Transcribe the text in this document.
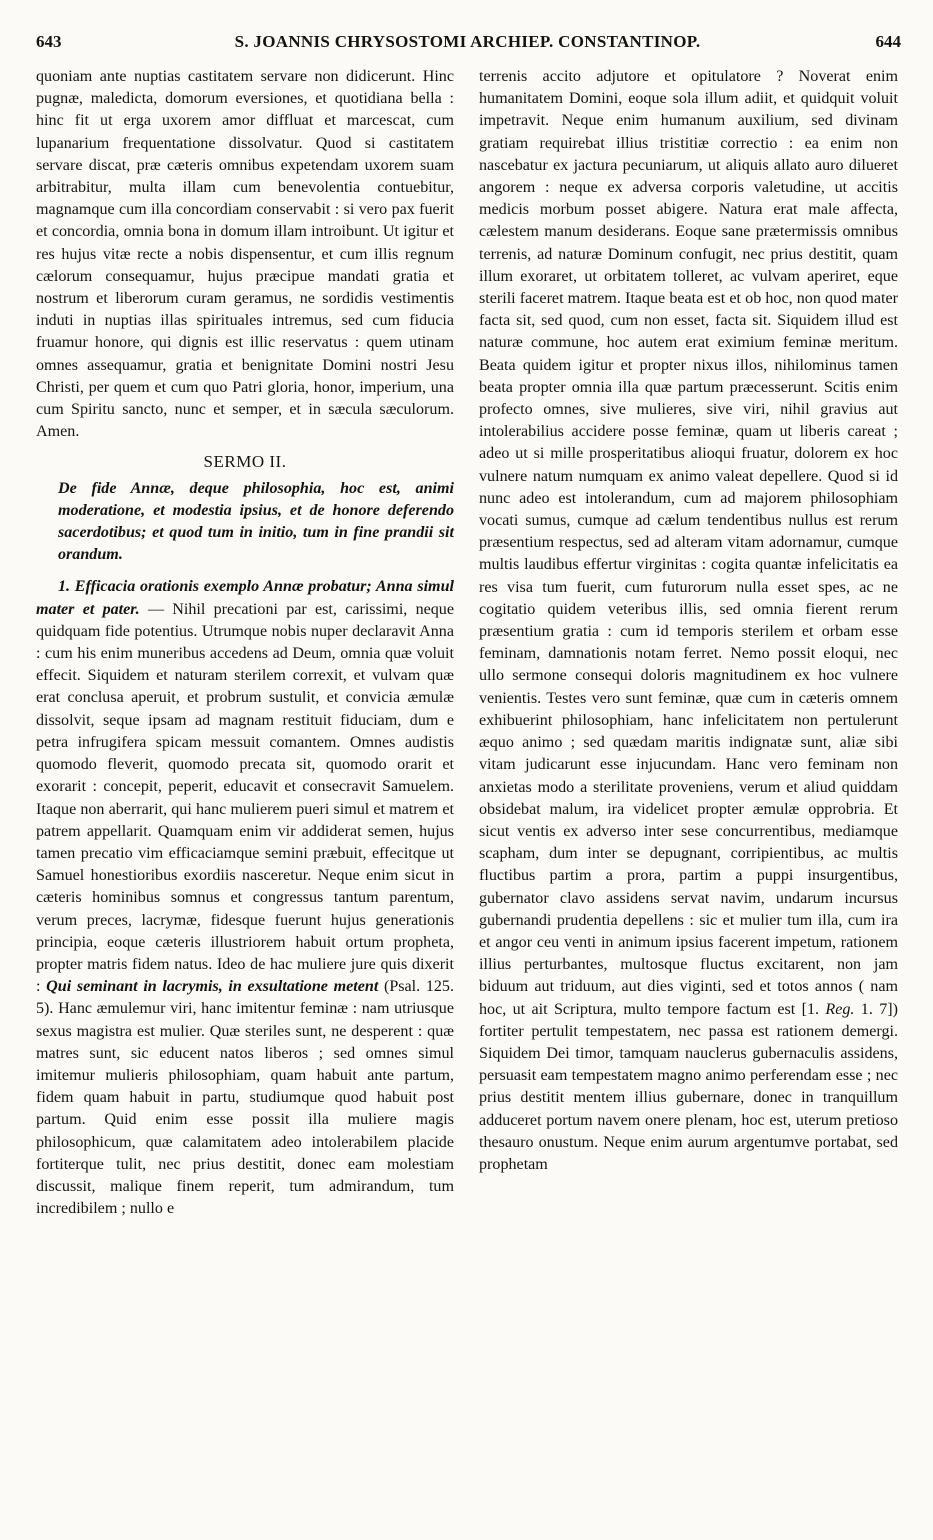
643	S. JOANNIS CHRYSOSTOMI ARCHIEP. CONSTANTINOP.	644

quoniam ante nuptias castitatem servare non didicerunt. Hinc pugnæ, maledicta, domorum eversiones, et quotidiana bella : hinc fit ut erga uxorem amor diffluat et marcescat, cum lupanarium frequentatione dissolvatur. Quod si castitatem servare discat, præ cæteris omnibus expetendam uxorem suam arbitrabitur, multa illam cum benevolentia contuebitur, magnamque cum illa concordiam conservabit : si vero pax fuerit et concordia, omnia bona in domum illam introibunt. Ut igitur et res hujus vitæ recte a nobis dispensentur, et cum illis regnum cælorum consequamur, hujus præcipue mandati gratia et nostrum et liberorum curam geramus, ne sordidis vestimentis induti in nuptias illas spirituales intremus, sed cum fiducia fruamur honore, qui dignis est illic reservatus : quem utinam omnes assequamur, gratia et benignitate Domini nostri Jesu Christi, per quem et cum quo Patri gloria, honor, imperium, una cum Spiritu sancto, nunc et semper, et in sæcula sæculorum. Amen.

SERMO II.
De fide Annæ, deque philosophia, hoc est, animi moderatione, et modestia ipsius, et de honore deferendo sacerdotibus; et quod tum in initio, tum in fine prandii sit orandum.

1. Efficacia orationis exemplo Annæ probatur; Anna simul mater et pater. — Nihil precationi par est, carissimi, neque quidquam fide potentius. Utrumque nobis nuper declaravit Anna : cum his enim muneribus accedens ad Deum, omnia quæ voluit effecit. Siquidem et naturam sterilem correxit, et vulvam quæ erat conclusa aperuit, et probrum sustulit, et convicia æmulæ dissolvit, seque ipsam ad magnam restituit fiduciam, dum e petra infrugifera spicam messuit comantem. Omnes audistis quomodo fleverit, quomodo precata sit, quomodo orarit et exorarit : concepit, peperit, educavit et consecravit Samuelem. Itaque non aberrarit, qui hanc mulierem pueri simul et matrem et patrem appellarit. Quamquam enim vir addiderat semen, hujus tamen precatio vim efficaciamque semini præbuit, effecitque ut Samuel honestioribus exordiis nasceretur. Neque enim sicut in cæteris hominibus somnus et congressus tantum parentum, verum preces, lacrymæ, fidesque fuerunt hujus generationis principia, eoque cæteris illustriorem habuit ortum propheta, propter matris fidem natus. Ideo de hac muliere jure quis dixerit : Qui seminant in lacrymis, in exsultatione metent (Psal. 125. 5). Hanc æmulemur viri, hanc imitentur feminæ : nam utriusque sexus magistra est mulier. Quæ steriles sunt, ne desperent : quæ matres sunt, sic educent natos liberos ; sed omnes simul imitemur mulieris philosophiam, quam habuit ante partum, fidem quam habuit in partu, studiumque quod habuit post partum. Quid enim esse possit illa muliere magis philosophicum, quæ calamitatem adeo intolerabilem placide fortiterque tulit, nec prius destitit, donec eam molestiam discussit, malique finem reperit, tum admirandum, tum incredibilem ; nullo e

terrenis accito adjutore et opitulatore ? Noverat enim humanitatem Domini, eoque sola illum adiit, et quidquit voluit impetravit. Neque enim humanum auxilium, sed divinam gratiam requirebat illius tristitiæ correctio : ea enim non nascebatur ex jactura pecuniarum, ut aliquis allato auro dilueret angorem : neque ex adversa corporis valetudine, ut accitis medicis morbum posset abigere. Natura erat male affecta, cælestem manum desiderans. Eoque sane prætermissis omnibus terrenis, ad naturæ Dominum confugit, nec prius destitit, quam illum exoraret, ut orbitatem tolleret, ac vulvam aperiret, eque sterili faceret matrem. Itaque beata est et ob hoc, non quod mater facta sit, sed quod, cum non esset, facta sit. Siquidem illud est naturæ commune, hoc autem erat eximium feminæ meritum. Beata quidem igitur et propter nixus illos, nihilominus tamen beata propter omnia illa quæ partum præcesserunt. Scitis enim profecto omnes, sive mulieres, sive viri, nihil gravius aut intolerabilius accidere posse feminæ, quam ut liberis careat ; adeo ut si mille prosperitatibus alioqui fruatur, dolorem ex hoc vulnere natum numquam ex animo valeat depellere. Quod si id nunc adeo est intolerandum, cum ad majorem philosophiam vocati sumus, cumque ad cælum tendentibus nullus est rerum præsentium respectus, sed ad alteram vitam adornamur, cumque multis laudibus effertur virginitas : cogita quantæ infelicitatis ea res visa tum fuerit, cum futurorum nulla esset spes, ac ne cogitatio quidem veteribus illis, sed omnia fierent rerum præsentium gratia : cum id temporis sterilem et orbam esse feminam, damnationis notam ferret. Nemo possit eloqui, nec ullo sermone consequi doloris magnitudinem ex hoc vulnere venientis. Testes vero sunt feminæ, quæ cum in cæteris omnem exhibuerint philosophiam, hanc infelicitatem non pertulerunt æquo animo ; sed quædam maritis indignatæ sunt, aliæ sibi vitam judicarunt esse injucundam. Hanc vero feminam non anxietas modo a sterilitate proveniens, verum et aliud quiddam obsidebat malum, ira videlicet propter æmulæ opprobria. Et sicut ventis ex adverso inter sese concurrentibus, mediamque scapham, dum inter se depugnant, corripientibus, ac multis fluctibus partim a prora, partim a puppi insurgentibus, gubernator clavo assidens servat navim, undarum incursus gubernandi prudentia depellens : sic et mulier tum illa, cum ira et angor ceu venti in animum ipsius facerent impetum, rationem illius perturbantes, multosque fluctus excitarent, non jam biduum aut triduum, aut dies viginti, sed et totos annos ( nam hoc, ut ait Scriptura, multo tempore factum est [1. Reg. 1. 7]) fortiter pertulit tempestatem, nec passa est rationem demergi. Siquidem Dei timor, tamquam nauclerus gubernaculis assidens, persuasit eam tempestatem magno animo perferendam esse ; nec prius destitit mentem illius gubernare, donec in tranquillum adduceret portum navem onere plenam, hoc est, uterum pretioso thesauro onustum. Neque enim aurum argentumve portabat, sed prophetam
